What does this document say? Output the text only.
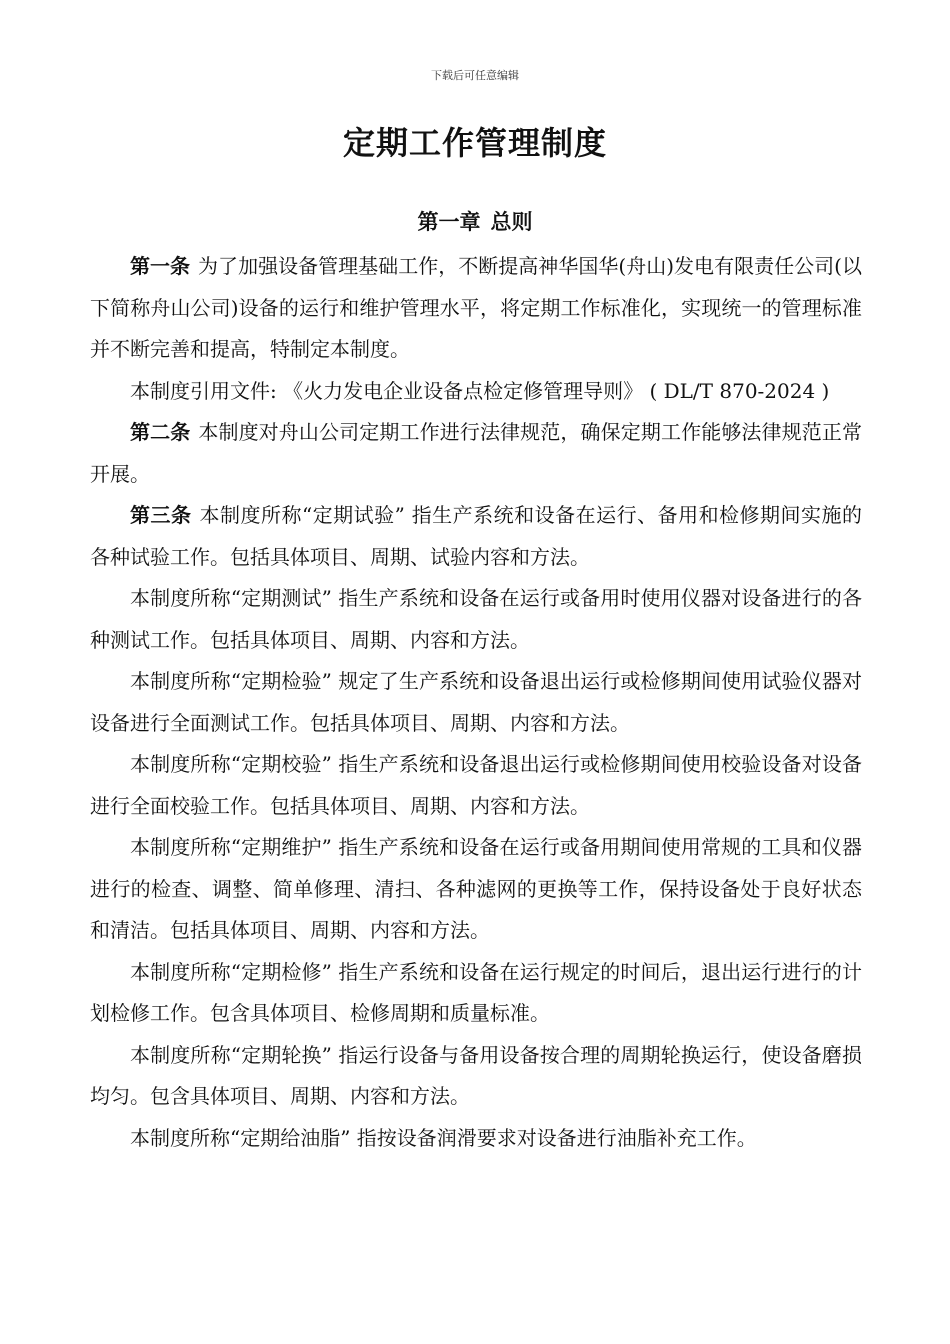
下载后可任意编辑
定期工作管理制度
第一章 总则

第一条 为了加强设备管理基础工作，不断提高神华国华(舟山)发电有限责任公司(以下简称舟山公司)设备的运行和维护管理水平，将定期工作标准化，实现统一的管理标准并不断完善和提高，特制定本制度。

本制度引用文件: 《火力发电企业设备点检定修管理导则》 ( DL/T 870-2024 )

第二条 本制度对舟山公司定期工作进行法律规范，确保定期工作能够法律规范正常开展。

第三条 本制度所称“定期试验” 指生产系统和设备在运行、备用和检修期间实施的各种试验工作。包括具体项目、周期、试验内容和方法。

本制度所称“定期测试” 指生产系统和设备在运行或备用时使用仪器对设备进行的各种测试工作。包括具体项目、周期、内容和方法。

本制度所称“定期检验” 规定了生产系统和设备退出运行或检修期间使用试验仪器对设备进行全面测试工作。包括具体项目、周期、内容和方法。

本制度所称“定期校验” 指生产系统和设备退出运行或检修期间使用校验设备对设备进行全面校验工作。包括具体项目、周期、内容和方法。

本制度所称“定期维护” 指生产系统和设备在运行或备用期间使用常规的工具和仪器进行的检查、调整、简单修理、清扫、各种滤网的更换等工作，保持设备处于良好状态和清洁。包括具体项目、周期、内容和方法。

本制度所称“定期检修” 指生产系统和设备在运行规定的时间后，退出运行进行的计划检修工作。包含具体项目、检修周期和质量标准。

本制度所称“定期轮换” 指运行设备与备用设备按合理的周期轮换运行，使设备磨损均匀。包含具体项目、周期、内容和方法。

本制度所称“定期给油脂” 指按设备润滑要求对设备进行油脂补充工作。
